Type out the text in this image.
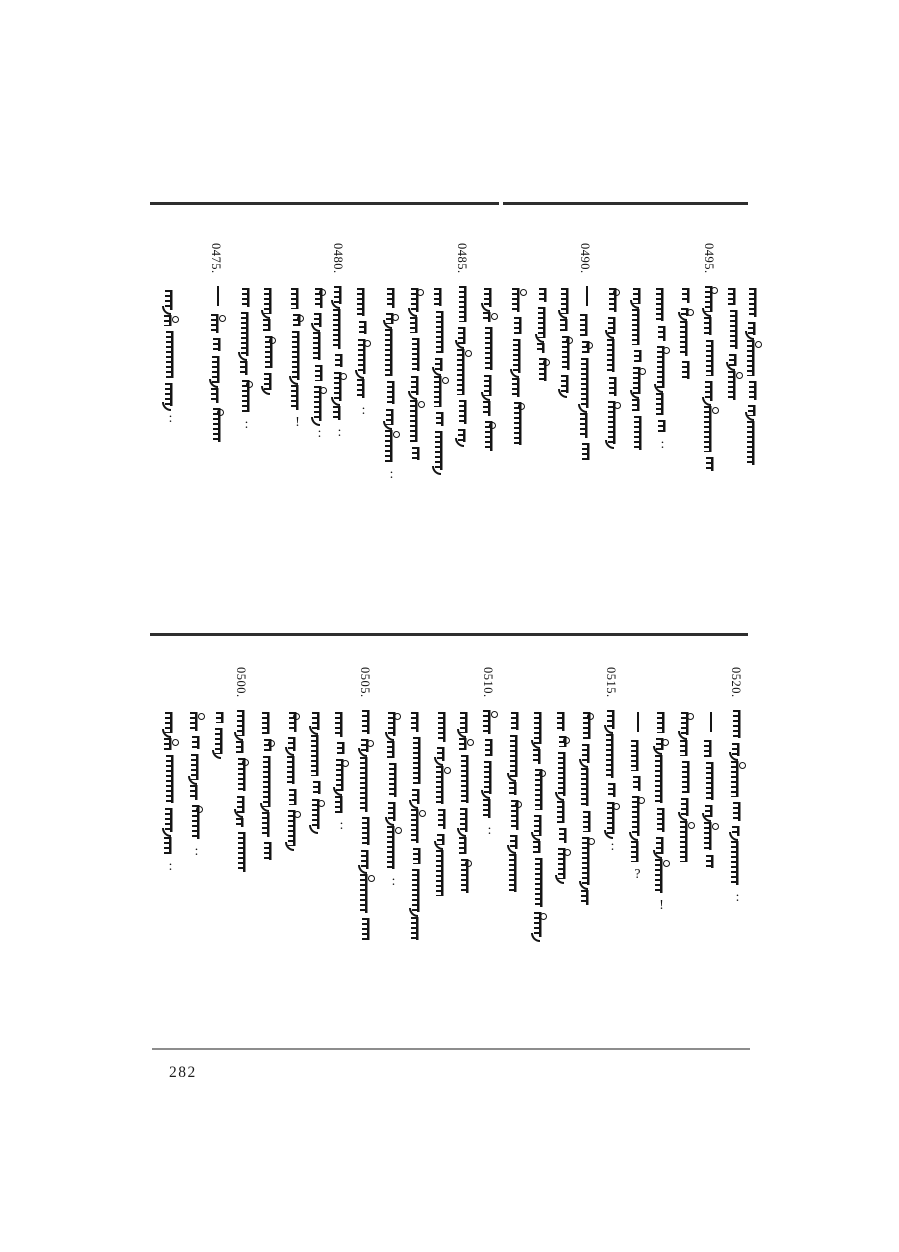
:
0475.
:	!
:
0480.
:
:
:
0485.	0490.
:
0495.
:
:
0500.
:
0505.
:
0510.
:
0515.
:
?
!
0520.
:
282
